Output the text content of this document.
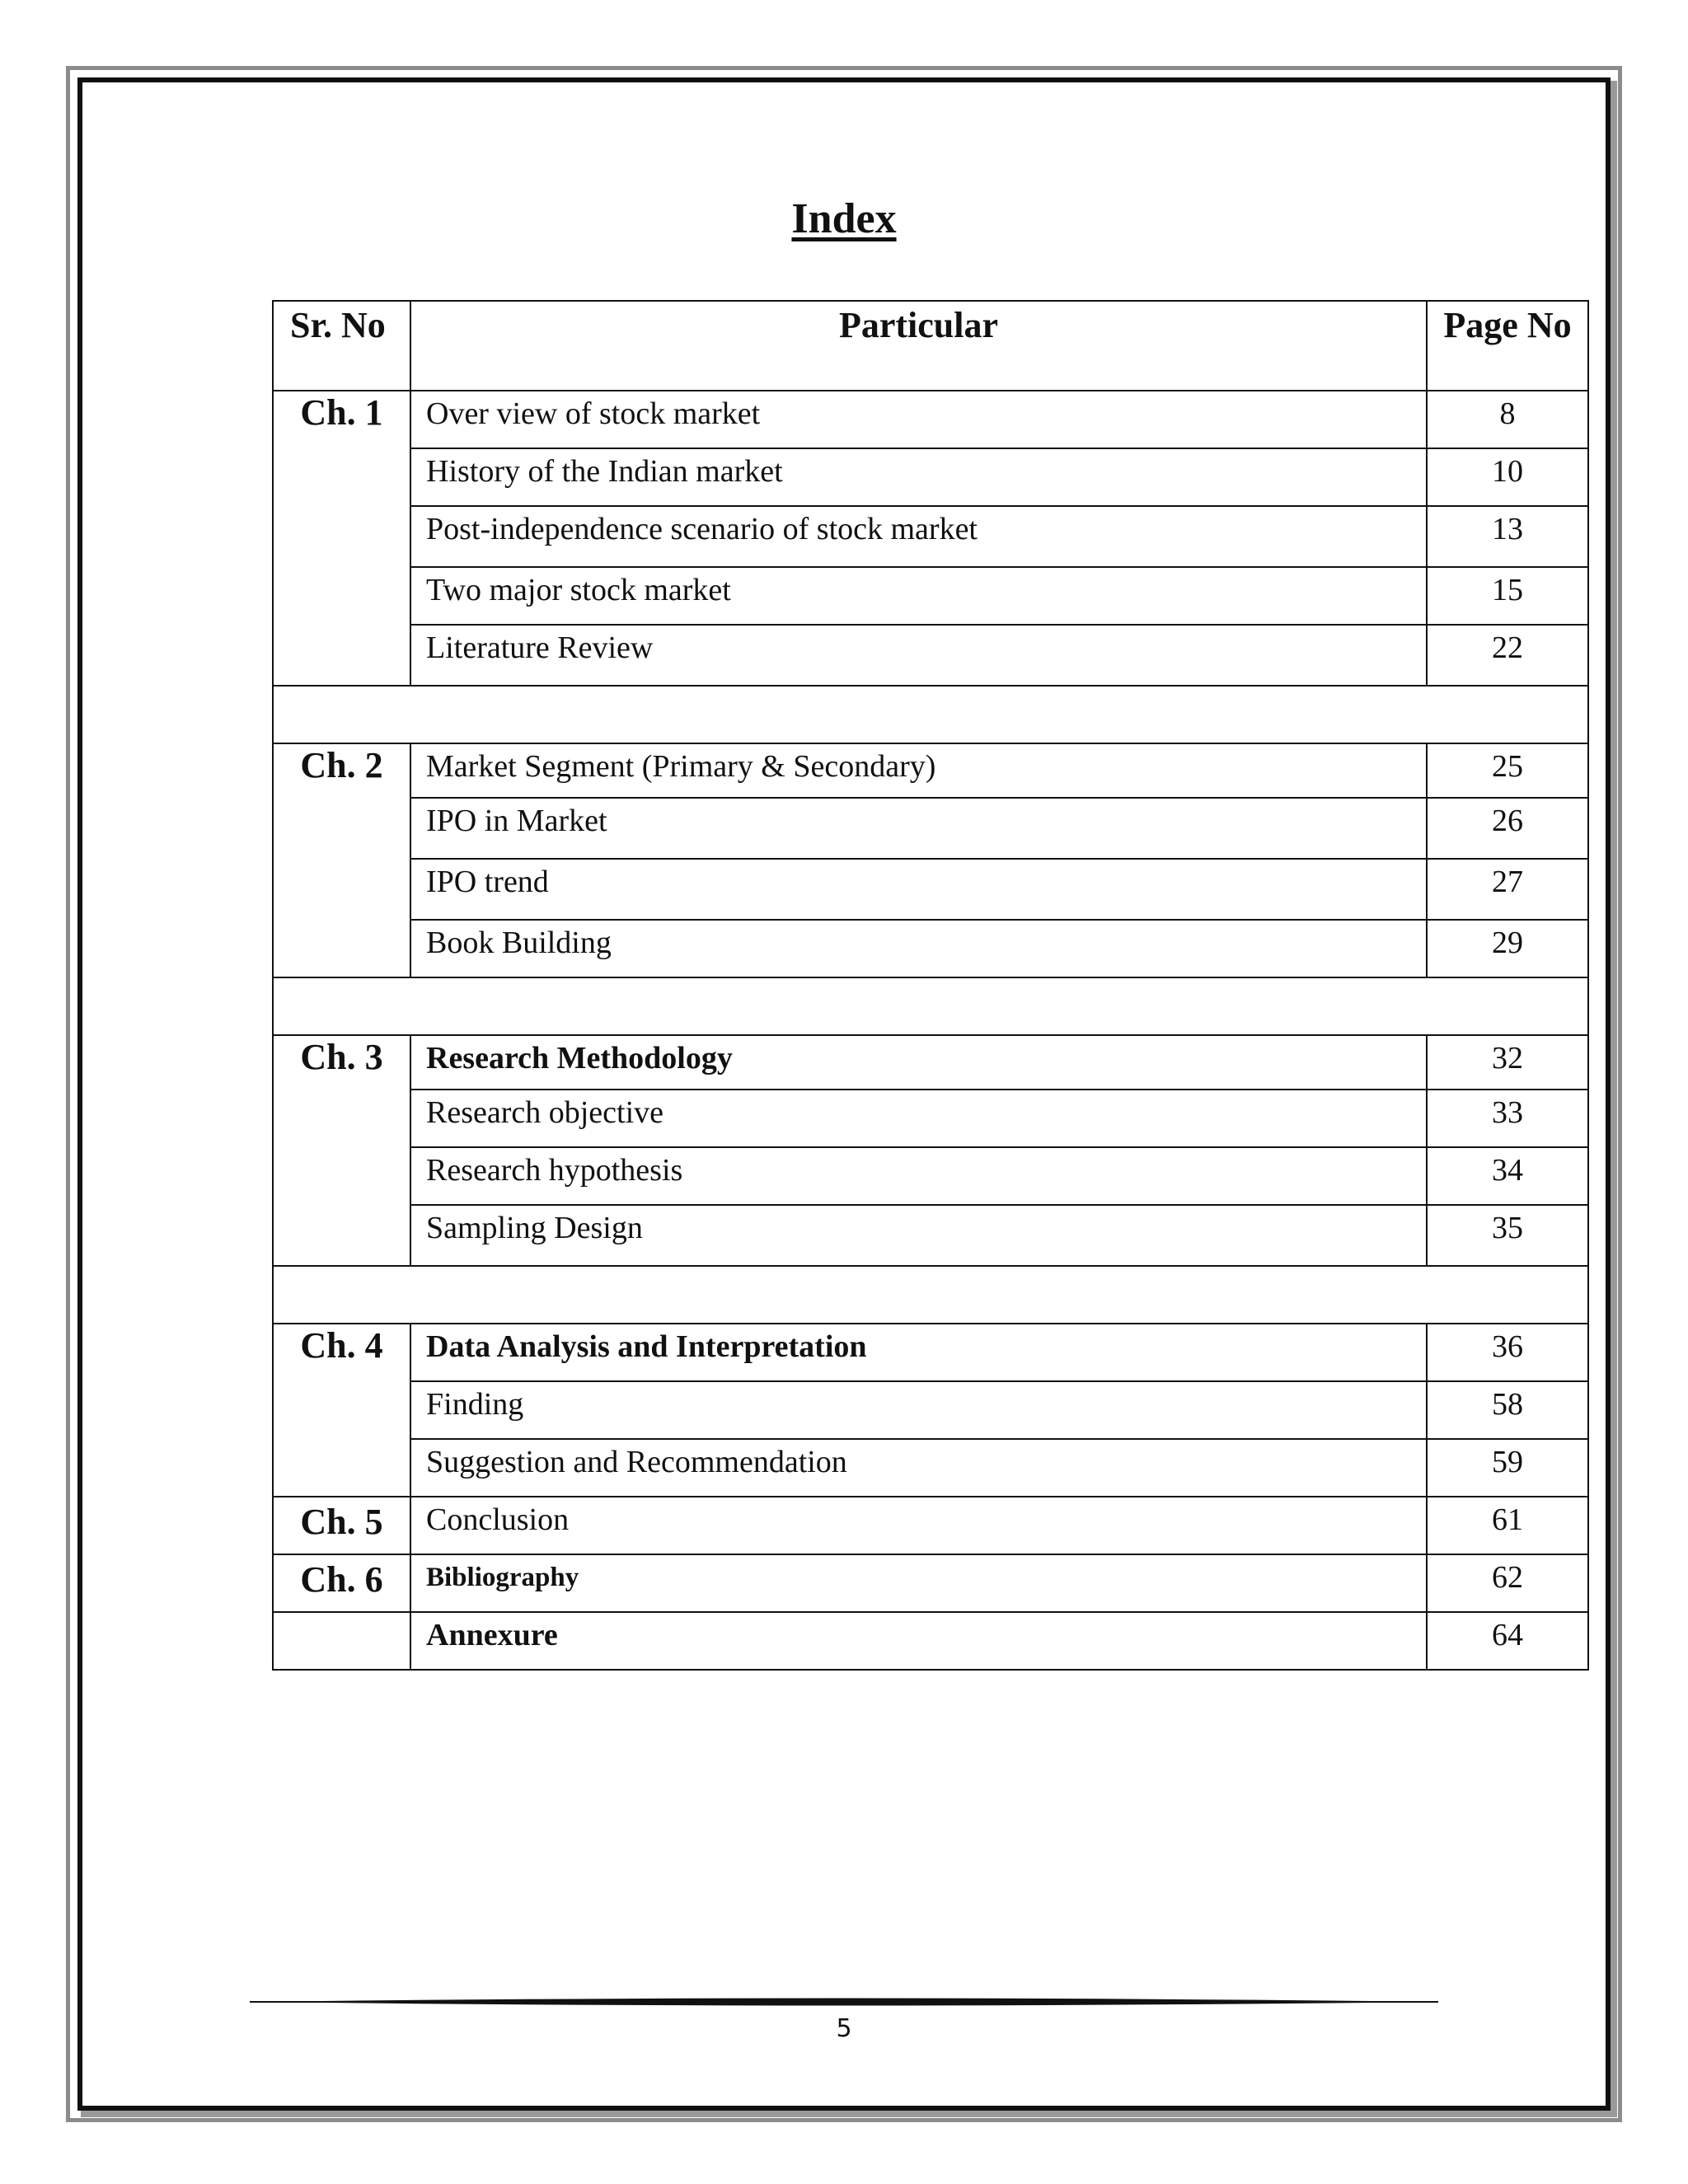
Index
Sr. No	Particular	Page No
Ch. 1	Over view of stock market	8
	History of the Indian market	10
	Post-independence scenario of stock market	13
	Two major stock market	15
	Literature Review	22

Ch. 2	Market Segment (Primary & Secondary)	25
	IPO in Market	26
	IPO trend	27
	Book Building	29

Ch. 3	Research Methodology	32
	Research objective	33
	Research hypothesis	34
	Sampling Design	35

Ch. 4	Data Analysis and Interpretation	36
	Finding	58
	Suggestion and Recommendation	59
Ch. 5	Conclusion	61
Ch. 6	Bibliography	62
	Annexure	64
5
